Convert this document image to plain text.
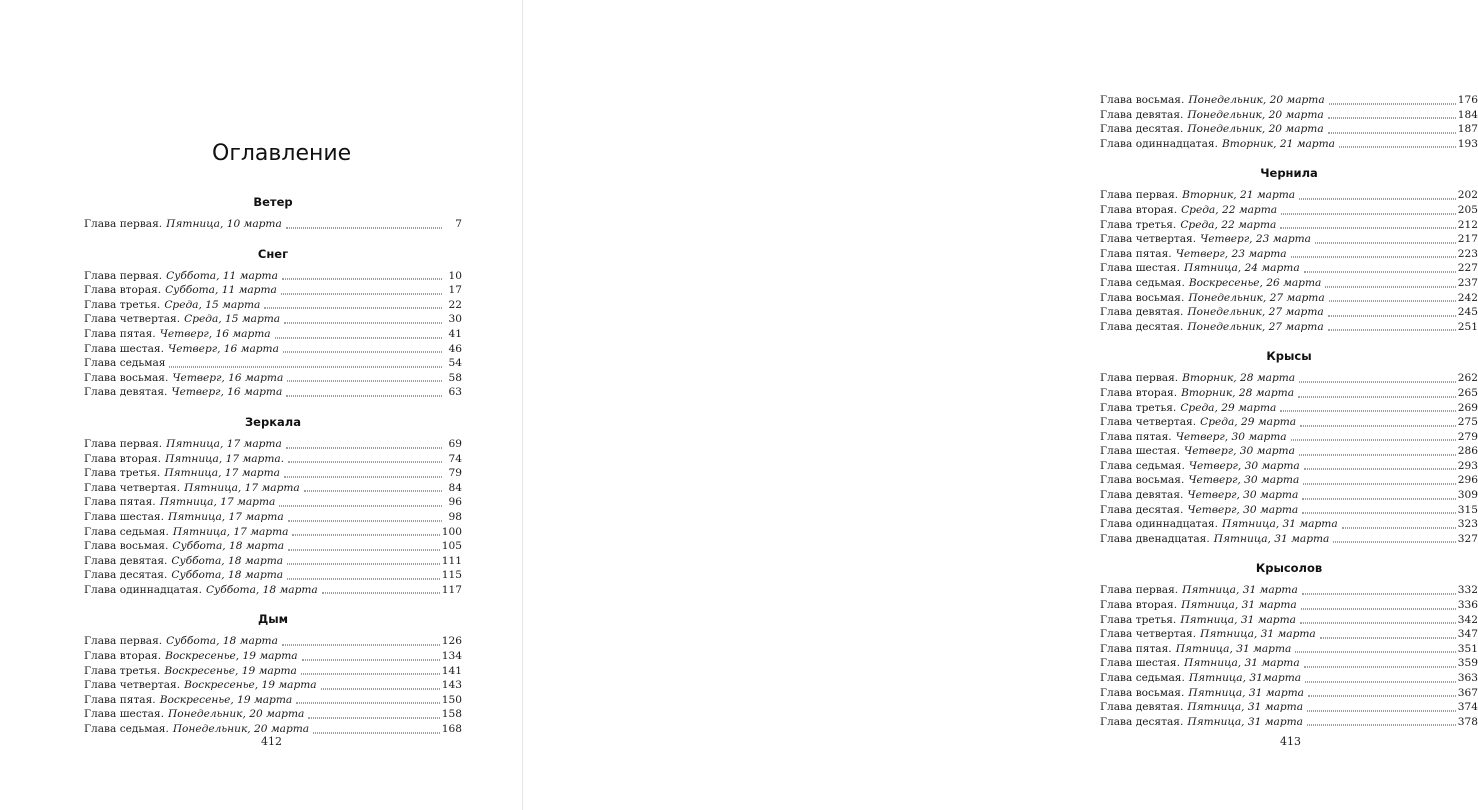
Оглавление
Ветер
Глава первая. Пятница, 10 марта	7
Снег
Глава первая. Суббота, 11 марта	10
Глава вторая. Суббота, 11 марта	17
Глава третья. Среда, 15 марта	22
Глава четвертая. Среда, 15 марта	30
Глава пятая. Четверг, 16 марта	41
Глава шестая. Четверг, 16 марта	46
Глава седьмая	54
Глава восьмая. Четверг, 16 марта	58
Глава девятая. Четверг, 16 марта	63
Зеркала
Глава первая. Пятница, 17 марта	69
Глава вторая. Пятница, 17 марта.	74
Глава третья. Пятница, 17 марта	79
Глава четвертая. Пятница, 17 марта	84
Глава пятая. Пятница, 17 марта	96
Глава шестая. Пятница, 17 марта	98
Глава седьмая. Пятница, 17 марта	100
Глава восьмая. Суббота, 18 марта	105
Глава девятая. Суббота, 18 марта	111
Глава десятая. Суббота, 18 марта	115
Глава одиннадцатая. Суббота, 18 марта	117
Дым
Глава первая. Суббота, 18 марта	126
Глава вторая. Воскресенье, 19 марта	134
Глава третья. Воскресенье, 19 марта	141
Глава четвертая. Воскресенье, 19 марта	143
Глава пятая. Воскресенье, 19 марта	150
Глава шестая. Понедельник, 20 марта	158
Глава седьмая. Понедельник, 20 марта	168
412
Глава восьмая. Понедельник, 20 марта	176
Глава девятая. Понедельник, 20 марта	184
Глава десятая. Понедельник, 20 марта	187
Глава одиннадцатая. Вторник, 21 марта	193
Чернила
Глава первая. Вторник, 21 марта	202
Глава вторая. Среда, 22 марта	205
Глава третья. Среда, 22 марта	212
Глава четвертая. Четверг, 23 марта	217
Глава пятая. Четверг, 23 марта	223
Глава шестая. Пятница, 24 марта	227
Глава седьмая. Воскресенье, 26 марта	237
Глава восьмая. Понедельник, 27 марта	242
Глава девятая. Понедельник, 27 марта	245
Глава десятая. Понедельник, 27 марта	251
Крысы
Глава первая. Вторник, 28 марта	262
Глава вторая. Вторник, 28 марта	265
Глава третья. Среда, 29 марта	269
Глава четвертая. Среда, 29 марта	275
Глава пятая. Четверг, 30 марта	279
Глава шестая. Четверг, 30 марта	286
Глава седьмая. Четверг, 30 марта	293
Глава восьмая. Четверг, 30 марта	296
Глава девятая. Четверг, 30 марта	309
Глава десятая. Четверг, 30 марта	315
Глава одиннадцатая. Пятница, 31 марта	323
Глава двенадцатая. Пятница, 31 марта	327
Крысолов
Глава первая. Пятница, 31 марта	332
Глава вторая. Пятница, 31 марта	336
Глава третья. Пятница, 31 марта	342
Глава четвертая. Пятница, 31 марта	347
Глава пятая. Пятница, 31 марта	351
Глава шестая. Пятница, 31 марта	359
Глава седьмая. Пятница, 31марта	363
Глава восьмая. Пятница, 31 марта	367
Глава девятая. Пятница, 31 марта	374
Глава десятая. Пятница, 31 марта	378
413
